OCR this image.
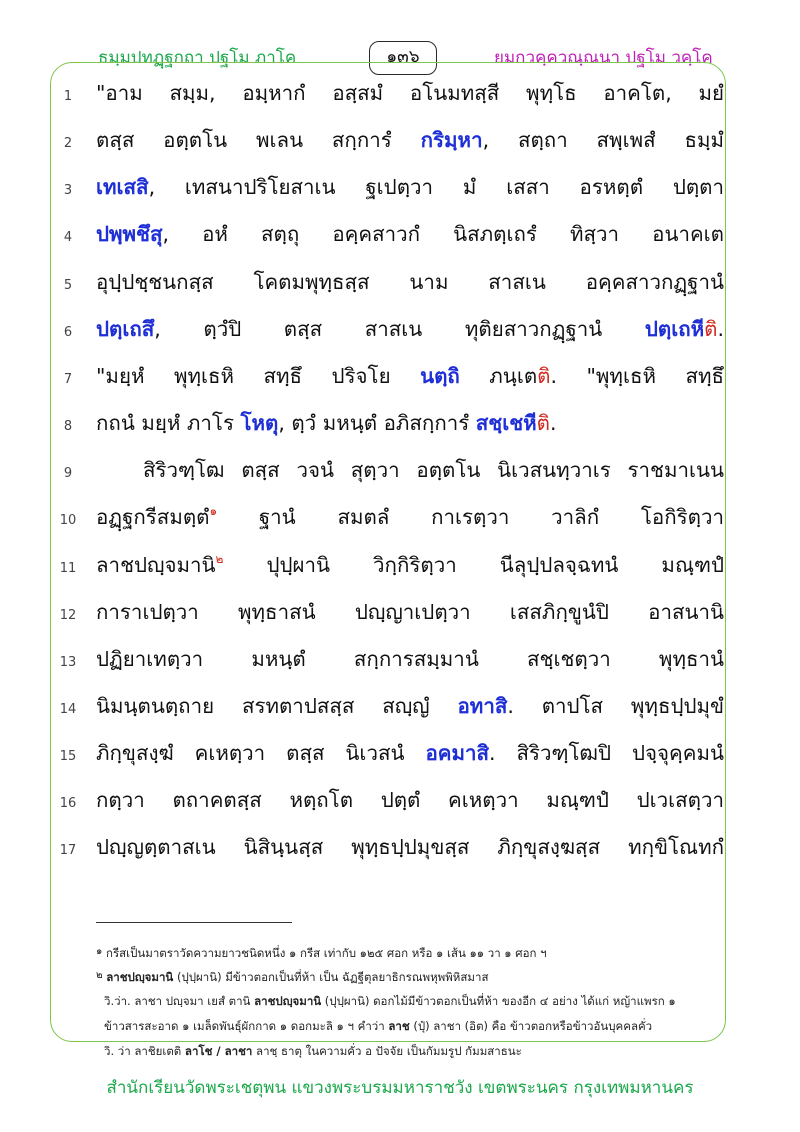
ธมฺมปทฏฺฐกถา ปฐโม ภาโค	๑๓๖	ยมกวคฺควณฺณนา ปฐโม วคฺโค
1 "อาม สมฺม, อมฺหากํ อสฺสมํ อโนมทสฺสี พุทฺโธ อาคโต, มยํ
2 ตสฺส อตฺตโน พเลน สกฺการํ กริมฺหา, สตฺถา สพฺเพสํ ธมฺมํ
3 เทเสสิ, เทสนาปริโยสาเน ฐเปตฺวา มํ เสสา อรหตฺตํ ปตฺตา
4 ปพฺพชึสุ, อหํ สตฺถุ อคฺคสาวกํ นิสภตฺเถรํ ทิสฺวา อนาคเต
5 อุปฺปชฺชนกสฺส โคตมพุทฺธสฺส นาม สาสเน อคฺคสาวกฏฺฐานํ
6 ปตฺเถสึ, ตฺวํปิ ตสฺส สาสเน ทุติยสาวกฏฺฐานํ ปตฺเถหีติ.
7 "มยฺหํ พุทฺเธหิ สทฺธึ ปริจโย นตฺถิ ภนฺเตติ. "พุทฺเธหิ สทฺธึ
8 กถนํ มยฺหํ ภาโร โหตุ, ตฺวํ มหนฺตํ อภิสกฺการํ สชฺเชหีติ.
9	สิริวฑฺโฒ ตสฺส วจนํ สุตฺวา อตฺตโน นิเวสนทฺวาเร ราชมาเนน
10 อฏฺฐกรีสมตฺตํ$^๑$ ฐานํ สมตลํ กาเรตฺวา วาลิกํ โอกิริตฺวา
11 ลาชปญฺจมานิ$^๒$ ปุปฺผานิ วิกฺกิริตฺวา นีลุปฺปลจฺฉทนํ มณฺฑปํ
12 การาเปตฺวา พุทฺธาสนํ ปญฺญาเปตฺวา เสสภิกฺขูนํปิ อาสนานิ
13 ปฏิยาเทตฺวา มหนฺตํ สกฺการสมฺมานํ สชฺเชตฺวา พุทฺธานํ
14 นิมนฺตนตฺถาย สรทตาปสสฺส สญฺญํ อทาสิ. ตาปโส พุทฺธปฺปมุขํ
15 ภิกฺขุสงฺฆํ คเหตฺวา ตสฺส นิเวสนํ อคมาสิ. สิริวฑฺโฒปิ ปจฺจุคฺคมนํ
16 กตฺวา ตถาคตสฺส หตฺถโต ปตฺตํ คเหตฺวา มณฺฑปํ ปเวเสตฺวา
17 ปญฺญตฺตาสเน นิสินฺนสฺส พุทฺธปฺปมุขสฺส ภิกฺขุสงฺฆสฺส ทกฺขิโณทกํ
๑ กรีสเป็นมาตราวัดความยาวชนิดหนึ่ง ๑ กรีส เท่ากับ ๑๒๕ ศอก หรือ ๑ เส้น ๑๑ วา ๑ ศอก ฯ
๒ ลาชปญฺจมานิ (ปุปฺผานิ) มีข้าวตอกเป็นที่ห้า เป็น ฉัฏฐีตุลยาธิกรณพหุพพิหิสมาส
วิ.ว่า. ลาชา ปญฺจมา เยสํ ตานิ ลาชปญฺจมานิ (ปุปฺผานิ) ดอกไม้มีข้าวตอกเป็นที่ห้า ของอีก ๔ อย่าง ได้แก่ หญ้าแพรก ๑
ข้าวสารสะอาด ๑ เมล็ดพันธุ์ผักกาด ๑ ดอกมะลิ ๑ ฯ คำว่า ลาช (ปุ๋) ลาชา (อิต) คือ ข้าวตอกหรือข้าวอันบุคคลคั่ว
วิ. ว่า ลาชิยเตติ ลาโช / ลาชา ลาชฺ ธาตุ ในความคั่ว อ ปัจจัย เป็นกัมมรูป กัมมสาธนะ
สำนักเรียนวัดพระเชตุพน แขวงพระบรมมหาราชวัง เขตพระนคร กรุงเทพมหานคร
